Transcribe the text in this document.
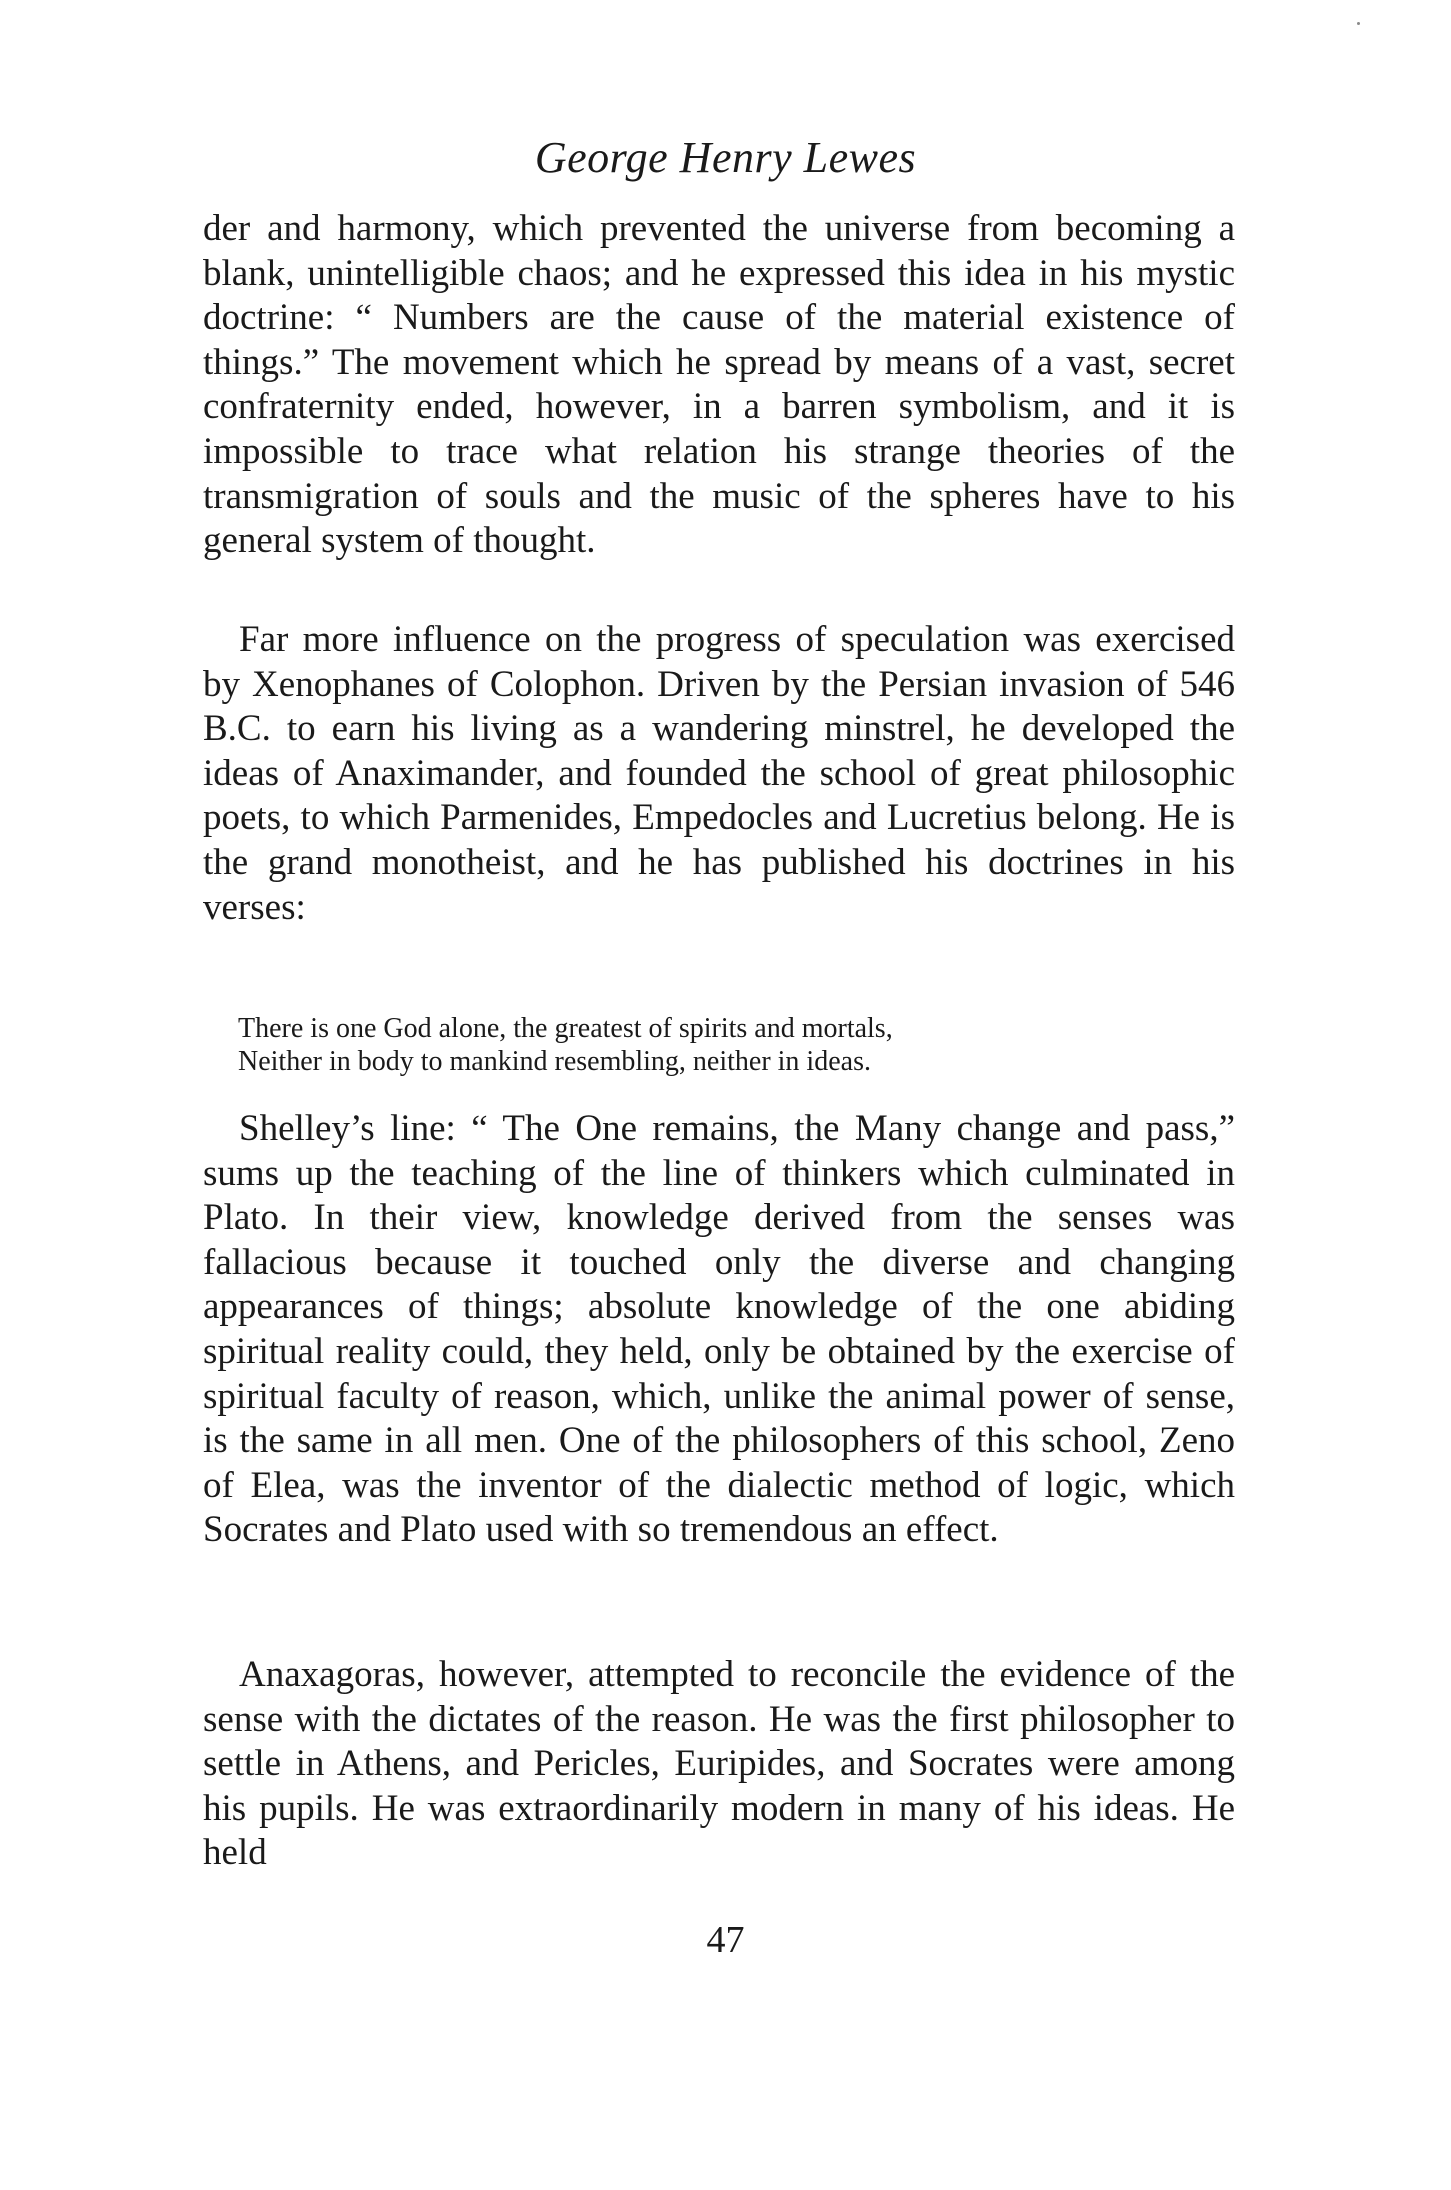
George Henry Lewes

der and harmony, which prevented the universe from becoming a blank, unintelligible chaos; and he expressed this idea in his mystic doctrine: “ Numbers are the cause of the material existence of things.” The movement which he spread by means of a vast, secret confraternity ended, however, in a barren symbolism, and it is impossible to trace what relation his strange theories of the transmigration of souls and the music of the spheres have to his general system of thought.

Far more influence on the progress of speculation was exercised by Xenophanes of Colophon. Driven by the Persian invasion of 546 B.C. to earn his living as a wandering minstrel, he developed the ideas of Anaximander, and founded the school of great philosophic poets, to which Parmenides, Empedocles and Lucretius belong. He is the grand monotheist, and he has published his doctrines in his verses:

There is one God alone, the greatest of spirits and mortals,
Neither in body to mankind resembling, neither in ideas.

Shelley’s line: “ The One remains, the Many change and pass,” sums up the teaching of the line of thinkers which culminated in Plato. In their view, knowledge derived from the senses was fallacious because it touched only the diverse and changing appearances of things; absolute knowledge of the one abiding spiritual reality could, they held, only be obtained by the exercise of spiritual faculty of reason, which, unlike the animal power of sense, is the same in all men. One of the philosophers of this school, Zeno of Elea, was the inventor of the dialectic method of logic, which Socrates and Plato used with so tremendous an effect.

Anaxagoras, however, attempted to reconcile the evidence of the sense with the dictates of the reason. He was the first philosopher to settle in Athens, and Pericles, Euripides, and Socrates were among his pupils. He was extraordinarily modern in many of his ideas. He held

47
